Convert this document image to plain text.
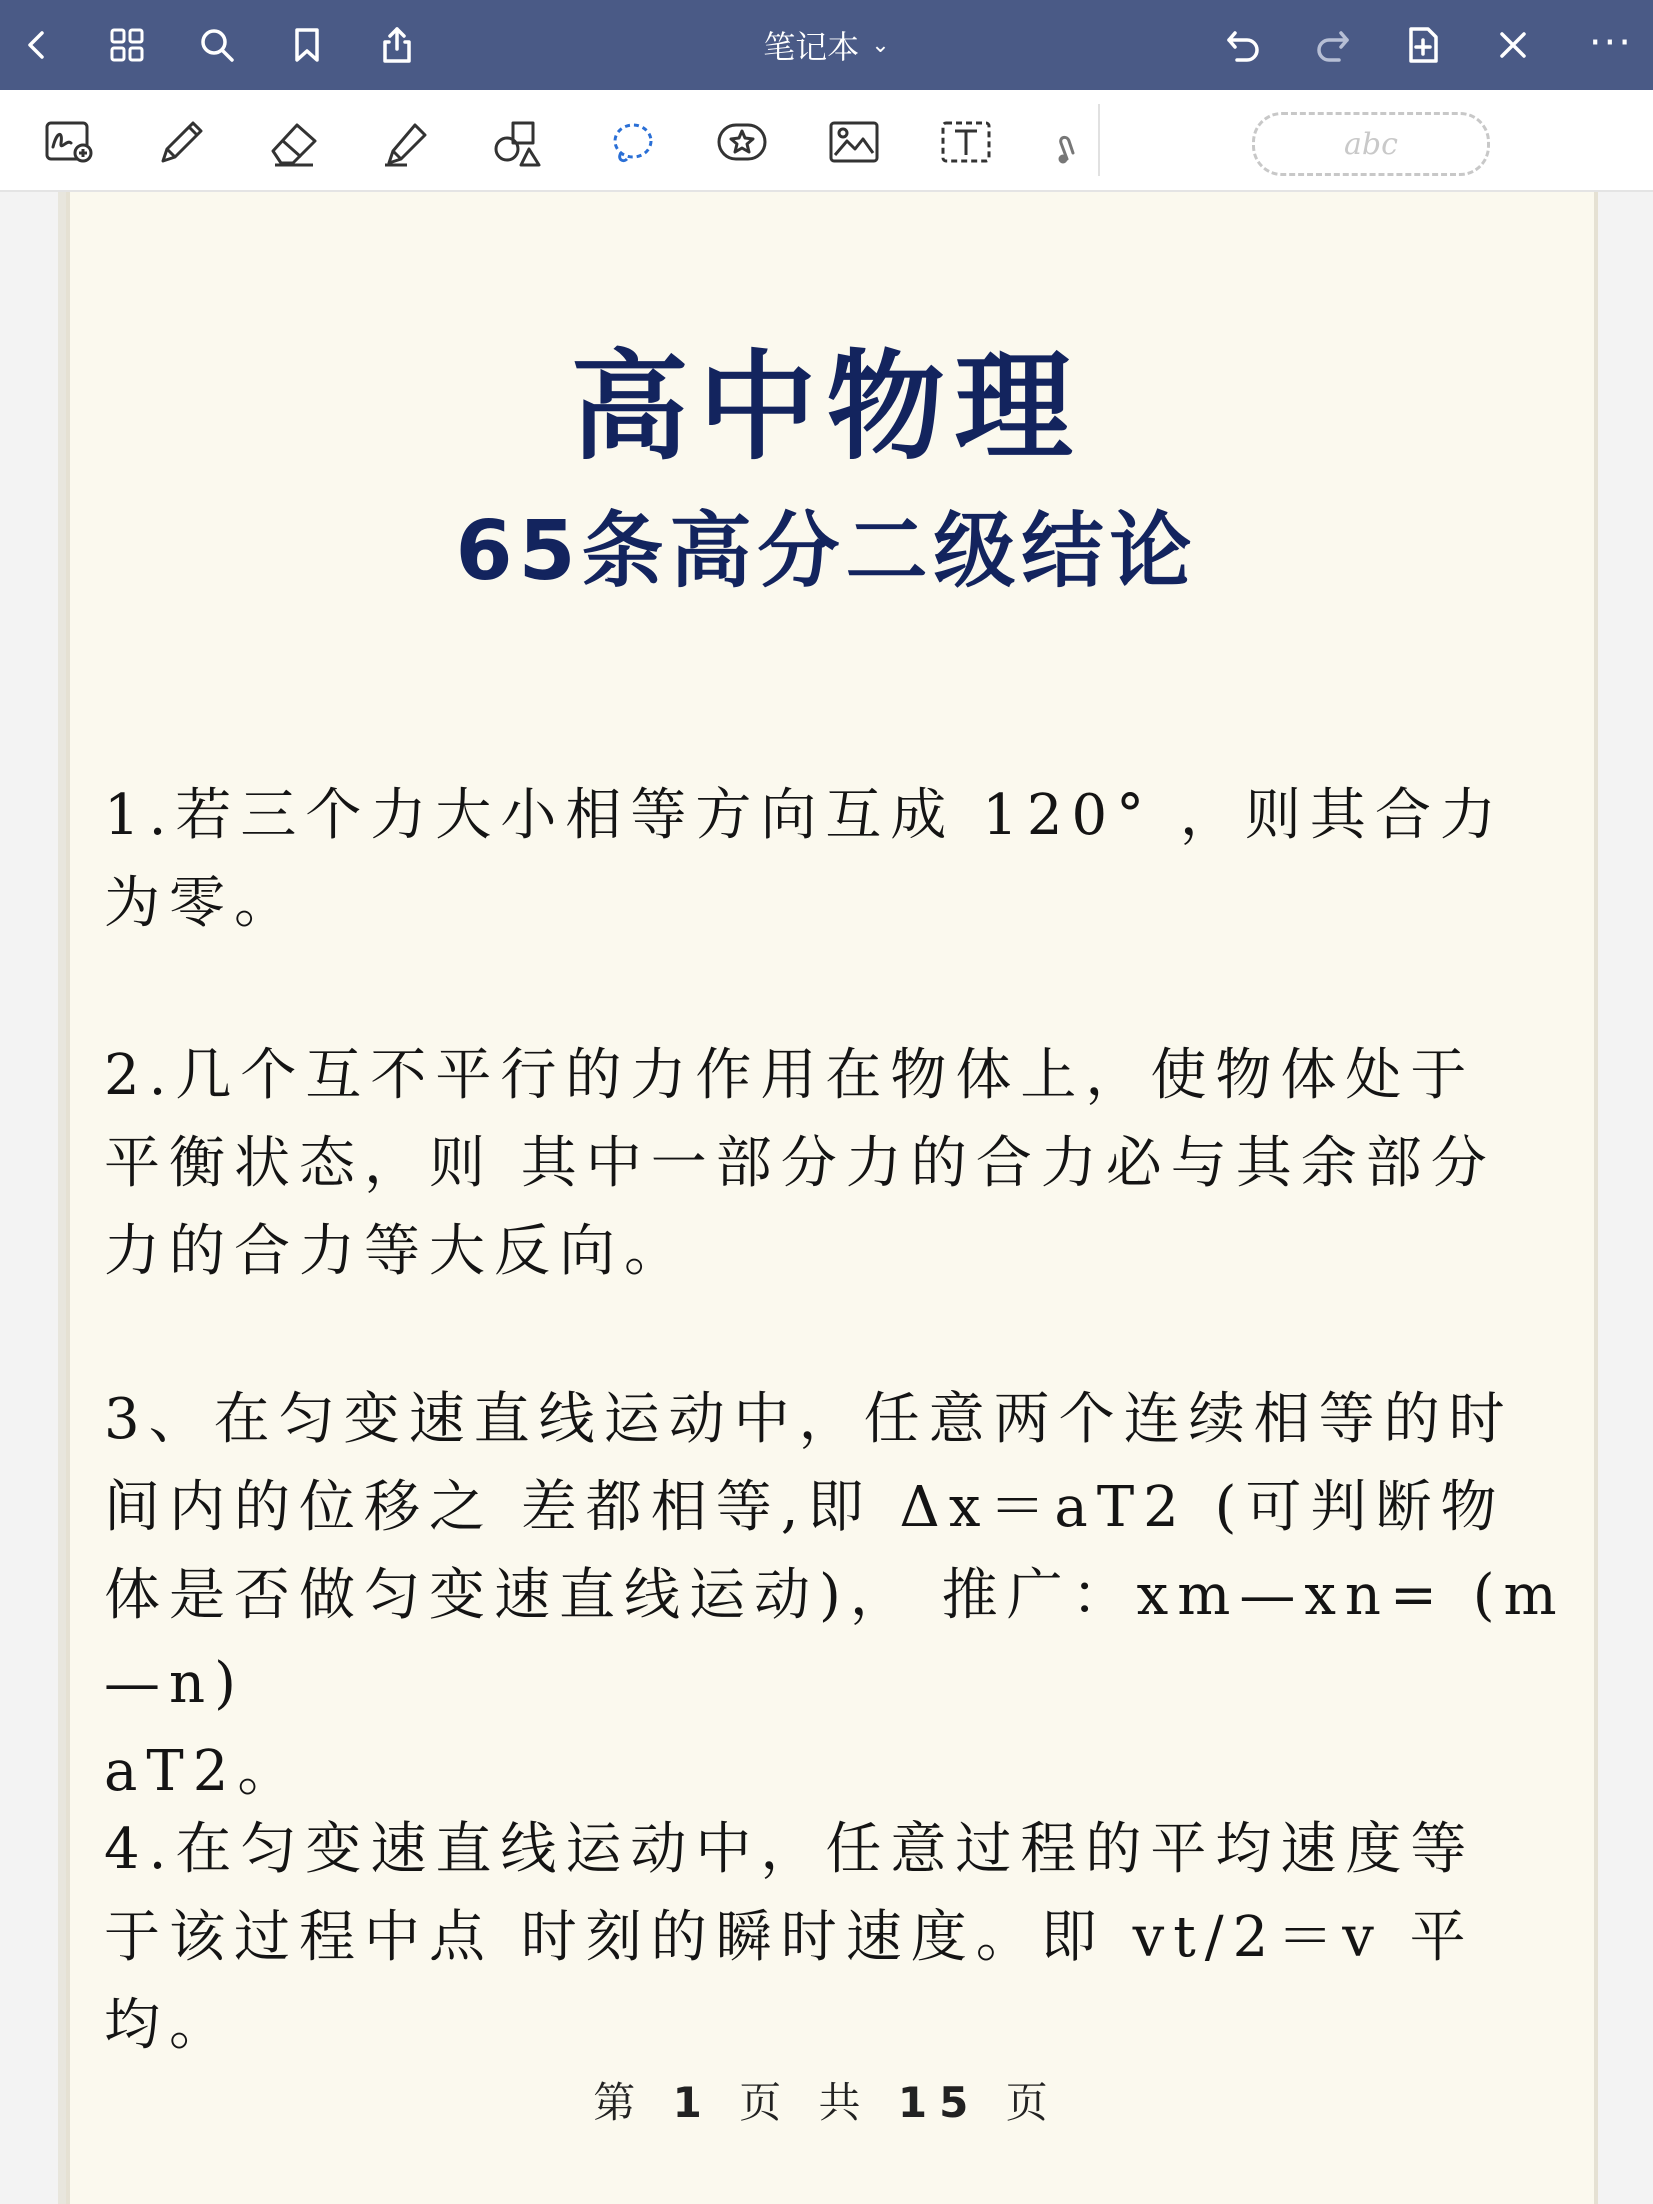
笔记本 ⌄	···
abc
高中物理
65条高分二级结论
1.若三个力大小相等方向互成 120° ，则其合力
为零。
2.几个互不平行的力作用在物体上，使物体处于
平衡状态，则 其中一部分力的合力必与其余部分
力的合力等大反向。
3、在匀变速直线运动中，任意两个连续相等的时
间内的位移之 差都相等,即 Δx＝aT2 (可判断物
体是否做匀变速直线运动)， 推广：xm—xn= (m—n)
aT2。
4.在匀变速直线运动中，任意过程的平均速度等
于该过程中点 时刻的瞬时速度。即 vt/2＝v 平
均。
第 1 页 共 15 页
